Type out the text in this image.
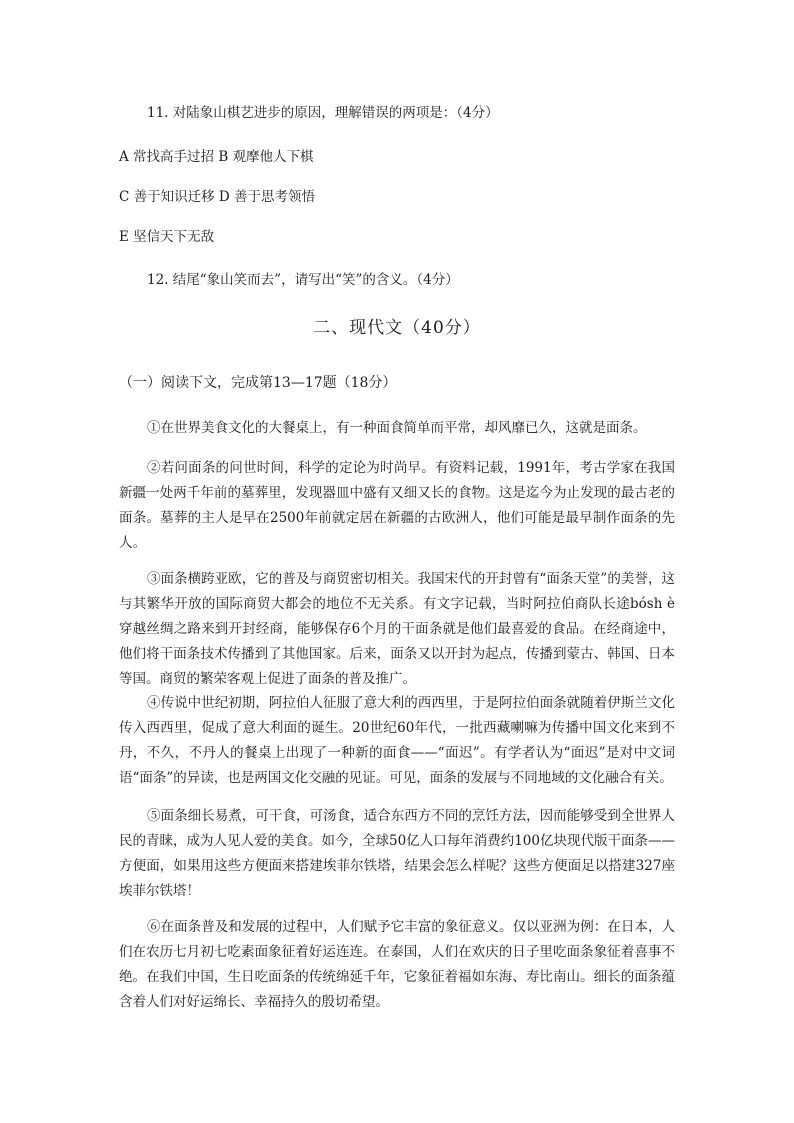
11. 对陆象山棋艺进步的原因，理解错误的两项是：（4分）
A 常找高手过招 B 观摩他人下棋
C 善于知识迁移 D 善于思考领悟
E 坚信天下无敌
12. 结尾“象山笑而去”，请写出“笑”的含义。（4分）
二、现代文（40分）
（一）阅读下文，完成第13—17题（18分）

①在世界美食文化的大餐桌上，有一种面食简单而平常，却风靡已久，这就是面条。

②若问面条的问世时间，科学的定论为时尚早。有资料记载，1991年，考古学家在我国新疆一处两千年前的墓葬里，发现器皿中盛有又细又长的食物。这是迄今为止发现的最古老的面条。墓葬的主人是早在2500年前就定居在新疆的古欧洲人，他们可能是最早制作面条的先人。

③面条横跨亚欧，它的普及与商贸密切相关。我国宋代的开封曾有“面条天堂”的美誉，这与其繁华开放的国际商贸大都会的地位不无关系。有文字记载，当时阿拉伯商队长途bósh è 穿越丝绸之路来到开封经商，能够保存6个月的干面条就是他们最喜爱的食品。在经商途中，他们将干面条技术传播到了其他国家。后来，面条又以开封为起点，传播到蒙古、韩国、日本等国。商贸的繁荣客观上促进了面条的普及推广。

④传说中世纪初期，阿拉伯人征服了意大利的西西里，于是阿拉伯面条就随着伊斯兰文化传入西西里，促成了意大利面的诞生。20世纪60年代，一批西藏喇嘛为传播中国文化来到不丹，不久，不丹人的餐桌上出现了一种新的面食——“面迟”。有学者认为“面迟”是对中文词语“面条”的异读，也是两国文化交融的见证。可见，面条的发展与不同地域的文化融合有关。

⑤面条细长易煮，可干食，可汤食，适合东西方不同的烹饪方法，因而能够受到全世界人民的青睐，成为人见人爱的美食。如今，全球50亿人口每年消费约100亿块现代版干面条——方便面，如果用这些方便面来搭建埃菲尔铁塔，结果会怎么样呢？这些方便面足以搭建327座埃菲尔铁塔！

⑥在面条普及和发展的过程中，人们赋予它丰富的象征意义。仅以亚洲为例：在日本，人们在农历七月初七吃素面象征着好运连连。在泰国，人们在欢庆的日子里吃面条象征着喜事不绝。在我们中国，生日吃面条的传统绵延千年，它象征着福如东海、寿比南山。细长的面条蕴含着人们对好运绵长、幸福持久的殷切希望。
